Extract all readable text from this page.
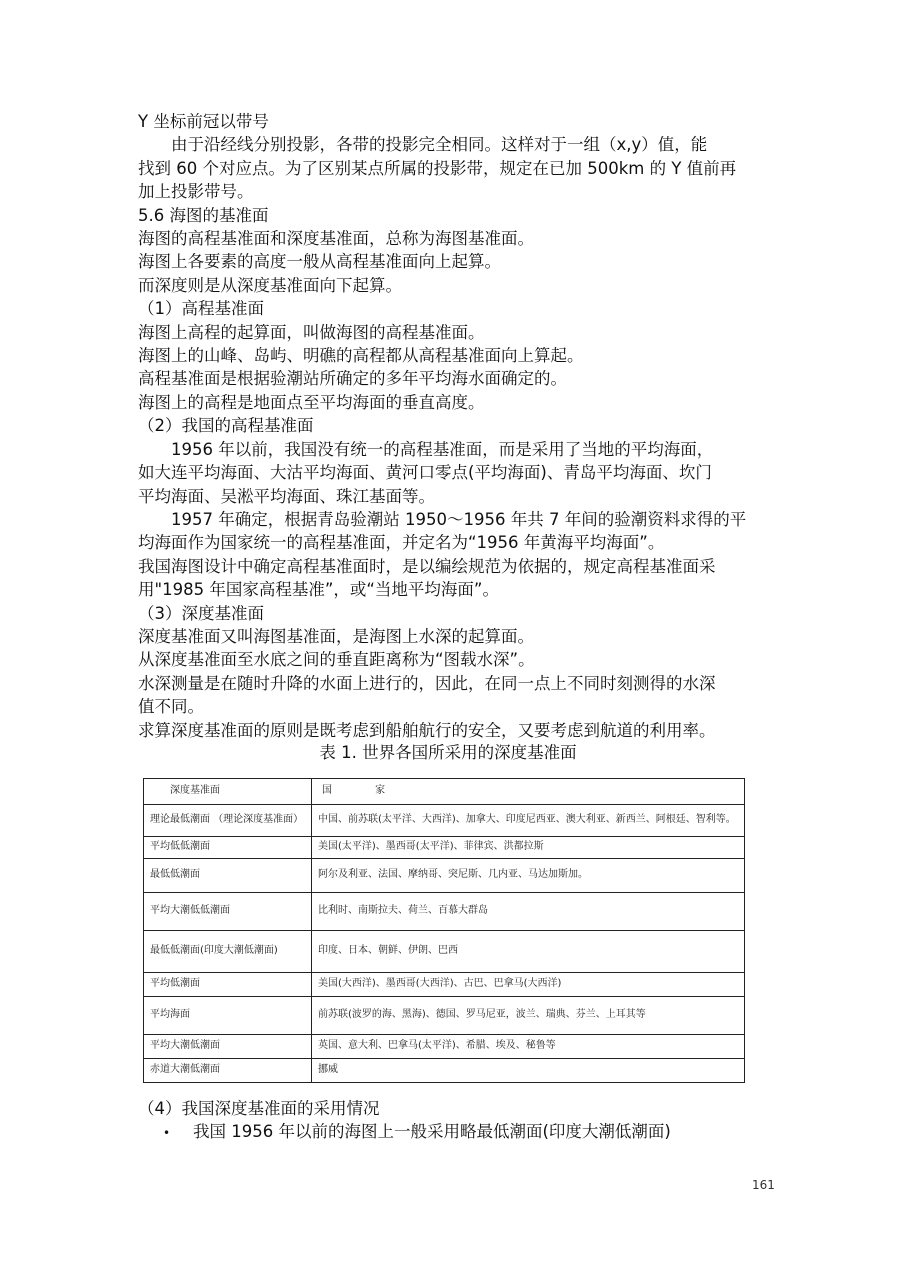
Y 坐标前冠以带号
由于沿经线分别投影，各带的投影完全相同。这样对于一组（x,y）值，能
找到 60 个对应点。为了区别某点所属的投影带，规定在已加 500km 的 Y 值前再
加上投影带号。
5.6 海图的基准面
海图的高程基准面和深度基准面，总称为海图基准面。
海图上各要素的高度一般从高程基准面向上起算。
而深度则是从深度基准面向下起算。
（1）高程基准面
海图上高程的起算面，叫做海图的高程基准面。
海图上的山峰、岛屿、明礁的高程都从高程基准面向上算起。
高程基准面是根据验潮站所确定的多年平均海水面确定的。
海图上的高程是地面点至平均海面的垂直高度。
（2）我国的高程基准面
1956 年以前，我国没有统一的高程基准面，而是采用了当地的平均海面，
如大连平均海面、大沽平均海面、黄河口零点(平均海面)、青岛平均海面、坎门
平均海面、吴淞平均海面、珠江基面等。
1957 年确定，根据青岛验潮站 1950～1956 年共 7 年间的验潮资料求得的平
均海面作为国家统一的高程基准面，并定名为“1956 年黄海平均海面”。
我国海图设计中确定高程基准面时，是以编绘规范为依据的，规定高程基准面采
用"1985 年国家高程基准”，或“当地平均海面”。
（3）深度基准面
深度基准面又叫海图基准面，是海图上水深的起算面。
从深度基准面至水底之间的垂直距离称为“图载水深”。
水深测量是在随时升降的水面上进行的，因此，在同一点上不同时刻测得的水深
值不同。
求算深度基准面的原则是既考虑到船舶航行的安全，又要考虑到航道的利用率。
表 1. 世界各国所采用的深度基准面
深度基准面	国 家
理论最低潮面 （理论深度基准面）	中国、前苏联(太平洋、大西洋)、加拿大、印度尼西亚、澳大利亚、新西兰、阿根廷、智利等。
平均低低潮面	美国(太平洋)、墨西哥(太平洋)、菲律宾、洪都拉斯
最低低潮面	阿尔及利亚、法国、摩纳哥、突尼斯、几内亚、马达加斯加。
平均大潮低低潮面	比利时、南斯拉夫、荷兰、百慕大群岛
最低低潮面(印度大潮低潮面)	印度、日本、朝鲜、伊朗、巴西
平均低潮面	美国(大西洋)、墨西哥(大西洋)、古巴、巴拿马(大西洋)
平均海面	前苏联(波罗的海、黑海)、德国、罗马尼亚，波兰、瑞典、芬兰、上耳其等
平均大潮低潮面	英国、意大利、巴拿马(太平洋)、希腊、埃及、秘鲁等
赤道大潮低潮面	挪威
（4）我国深度基准面的采用情况
• 我国 1956 年以前的海图上一般采用略最低潮面(印度大潮低潮面)
161
